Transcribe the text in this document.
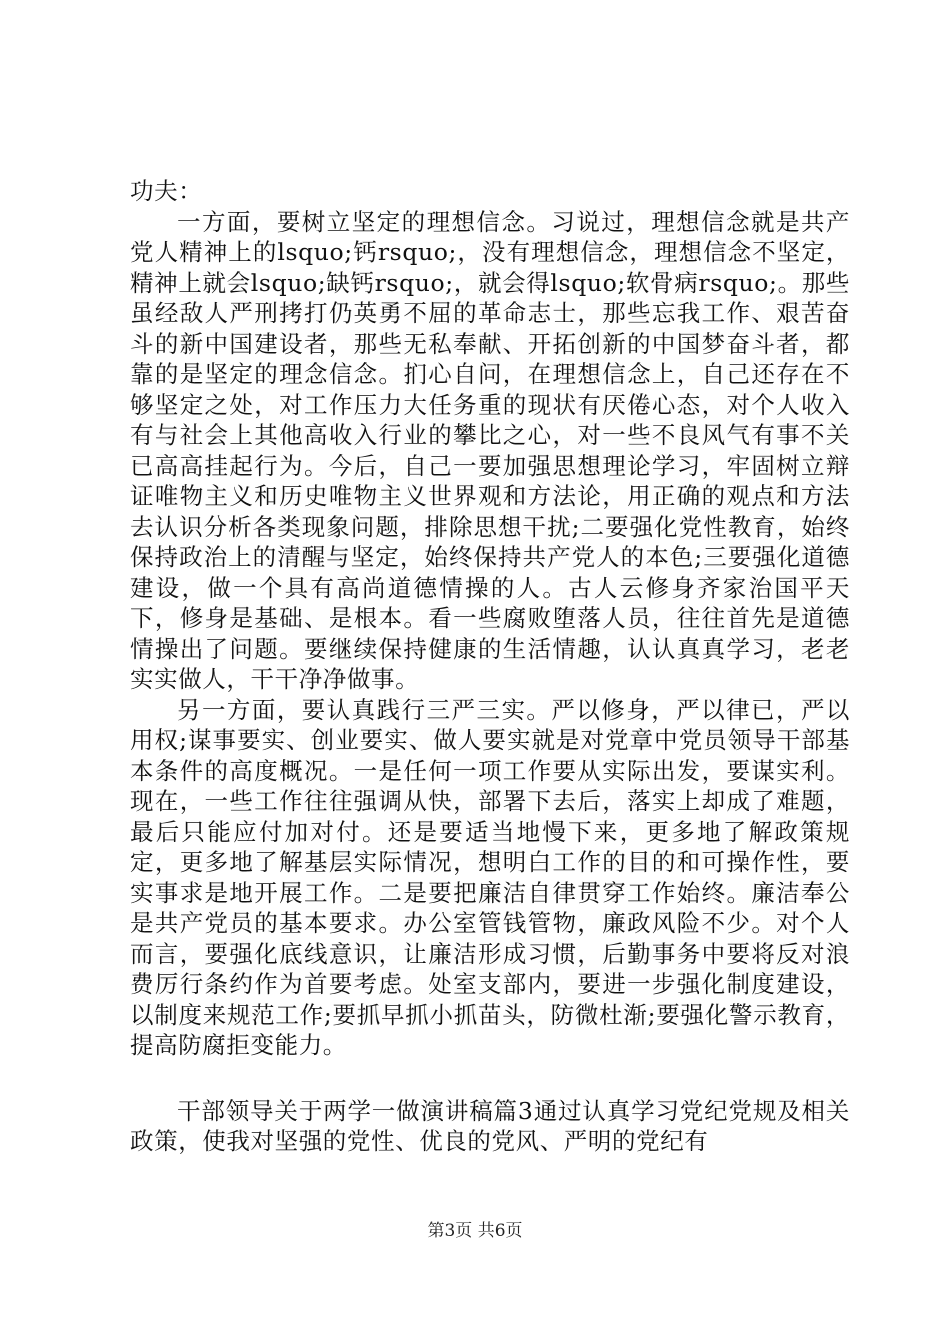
功夫：

一方面，要树立坚定的理想信念。习说过，理想信念就是共产党人精神上的lsquo;钙rsquo;，没有理想信念，理想信念不坚定，精神上就会lsquo;缺钙rsquo;，就会得lsquo;软骨病rsquo;。那些虽经敌人严刑拷打仍英勇不屈的革命志士，那些忘我工作、艰苦奋斗的新中国建设者，那些无私奉献、开拓创新的中国梦奋斗者，都靠的是坚定的理念信念。扪心自问，在理想信念上，自己还存在不够坚定之处，对工作压力大任务重的现状有厌倦心态，对个人收入有与社会上其他高收入行业的攀比之心，对一些不良风气有事不关已高高挂起行为。今后，自己一要加强思想理论学习，牢固树立辩证唯物主义和历史唯物主义世界观和方法论，用正确的观点和方法去认识分析各类现象问题，排除思想干扰;二要强化党性教育，始终保持政治上的清醒与坚定，始终保持共产党人的本色;三要强化道德建设，做一个具有高尚道德情操的人。古人云修身齐家治国平天下，修身是基础、是根本。看一些腐败堕落人员，往往首先是道德情操出了问题。要继续保持健康的生活情趣，认认真真学习，老老实实做人，干干净净做事。

另一方面，要认真践行三严三实。严以修身，严以律已，严以用权;谋事要实、创业要实、做人要实就是对党章中党员领导干部基本条件的高度概况。一是任何一项工作要从实际出发，要谋实利。现在，一些工作往往强调从快，部署下去后，落实上却成了难题，最后只能应付加对付。还是要适当地慢下来，更多地了解政策规定，更多地了解基层实际情况，想明白工作的目的和可操作性，要实事求是地开展工作。二是要把廉洁自律贯穿工作始终。廉洁奉公是共产党员的基本要求。办公室管钱管物，廉政风险不少。对个人而言，要强化底线意识，让廉洁形成习惯，后勤事务中要将反对浪费厉行条约作为首要考虑。处室支部内，要进一步强化制度建设，以制度来规范工作;要抓早抓小抓苗头，防微杜渐;要强化警示教育，提高防腐拒变能力。

干部领导关于两学一做演讲稿篇3通过认真学习党纪党规及相关政策，使我对坚强的党性、优良的党风、严明的党纪有

第3页 共6页
